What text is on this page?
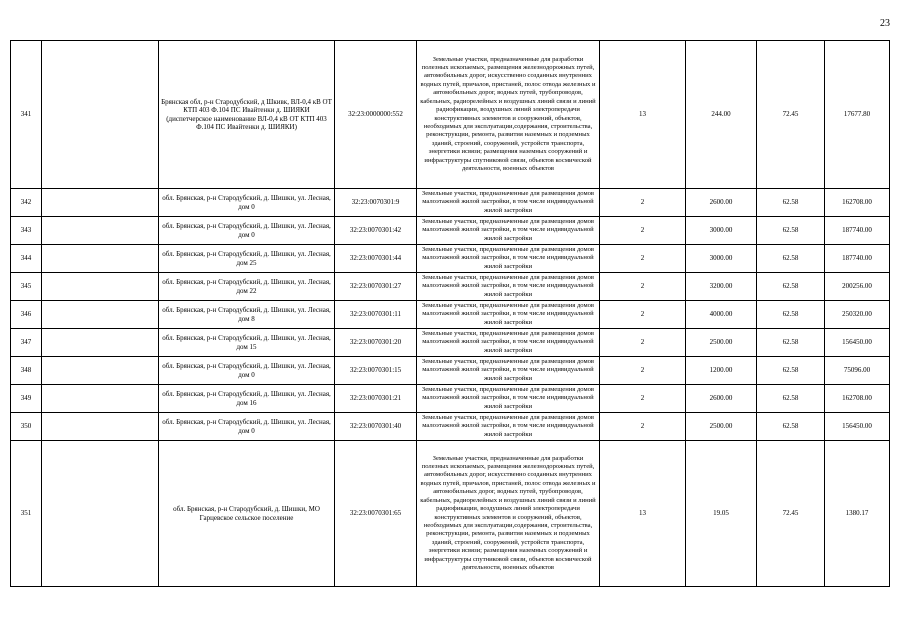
23
341		Брянская обл, р-н Стародубский, д Шкивк, ВЛ-0,4 кВ ОТ КТП 403 Ф.104 ПС Ивайтенки д. ШИЯКИ (диспетчерское наименование ВЛ-0,4 кВ ОТ КТП 403 Ф.104 ПС Ивайтенки д. ШИЯКИ)	32:23:0000000:552	Земельные участки, предназначенные для разработки полезных ископаемых, размещения железнодорожных путей, автомобильных дорог, искусственно созданных внутренних водных путей, причалов, пристаней, полос отвода железных и автомобильных дорог, водных путей, трубопроводов, кабельных, радиорелейных и воздушных линий связи и линий радиофикации, воздушных линий электропередачи конструктивных элементов и сооружений, объектов, необходимых для эксплуатации,содержания, строительства, реконструкции, ремонта, развития наземных и подземных зданий, строений, сооружений, устройств транспорта, энергетики исвязи; размещения наземных сооружений и инфраструктуры спутниковой связи, объектов космической деятельности, военных объектов	13	244.00	72.45	17677.80
342		обл. Брянская, р-н Стародубский, д. Шишки, ул. Лесная, дом 0	32:23:0070301:9	Земельные участки, предназначенные для размещения домов малоэтажной жилой застройки, в том числе индивидуальной жилой застройки	2	2600.00	62.58	162708.00
343		обл. Брянская, р-н Стародубский, д. Шишки, ул. Лесная, дом 0	32:23:0070301:42	Земельные участки, предназначенные для размещения домов малоэтажной жилой застройки, в том числе индивидуальной жилой застройки	2	3000.00	62.58	187740.00
344		обл. Брянская, р-н Стародубский, д. Шишки, ул. Лесная, дом 25	32:23:0070301:44	Земельные участки, предназначенные для размещения домов малоэтажной жилой застройки, в том числе индивидуальной жилой застройки	2	3000.00	62.58	187740.00
345		обл. Брянская, р-н Стародубский, д. Шишки, ул. Лесная, дом 22	32:23:0070301:27	Земельные участки, предназначенные для размещения домов малоэтажной жилой застройки, в том числе индивидуальной жилой застройки	2	3200.00	62.58	200256.00
346		обл. Брянская, р-н Стародубский, д. Шишки, ул. Лесная, дом 8	32:23:0070301:11	Земельные участки, предназначенные для размещения домов малоэтажной жилой застройки, в том числе индивидуальной жилой застройки	2	4000.00	62.58	250320.00
347		обл. Брянская, р-н Стародубский, д. Шишки, ул. Лесная, дом 15	32:23:0070301:20	Земельные участки, предназначенные для размещения домов малоэтажной жилой застройки, в том числе индивидуальной жилой застройки	2	2500.00	62.58	156450.00
348		обл. Брянская, р-н Стародубский, д. Шишки, ул. Лесная, дом 0	32:23:0070301:15	Земельные участки, предназначенные для размещения домов малоэтажной жилой застройки, в том числе индивидуальной жилой застройки	2	1200.00	62.58	75096.00
349		обл. Брянская, р-н Стародубский, д. Шишки, ул. Лесная, дом 16	32:23:0070301:21	Земельные участки, предназначенные для размещения домов малоэтажной жилой застройки, в том числе индивидуальной жилой застройки	2	2600.00	62.58	162708.00
350		обл. Брянская, р-н Стародубский, д. Шишки, ул. Лесная, дом 0	32:23:0070301:40	Земельные участки, предназначенные для размещения домов малоэтажной жилой застройки, в том числе индивидуальной жилой застройки	2	2500.00	62.58	156450.00
351		обл. Брянская, р-н Стародубский, д. Шишки, МО Гарцевское сельское поселение	32:23:0070301:65	Земельные участки, предназначенные для разработки полезных ископаемых, размещения железнодорожных путей, автомобильных дорог, искусственно созданных внутренних водных путей, причалов, пристаней, полос отвода железных и автомобильных дорог, водных путей, трубопроводов, кабельных, радиорелейных и воздушных линий связи и линий радиофикации, воздушных линий электропередачи конструктивных элементов и сооружений, объектов, необходимых для эксплуатации,содержания, строительства, реконструкции, ремонта, развития наземных и подземных зданий, строений, сооружений, устройств транспорта, энергетики исвязи; размещения наземных сооружений и инфраструктуры спутниковой связи, объектов космической деятельности, военных объектов	13	19.05	72.45	1380.17
